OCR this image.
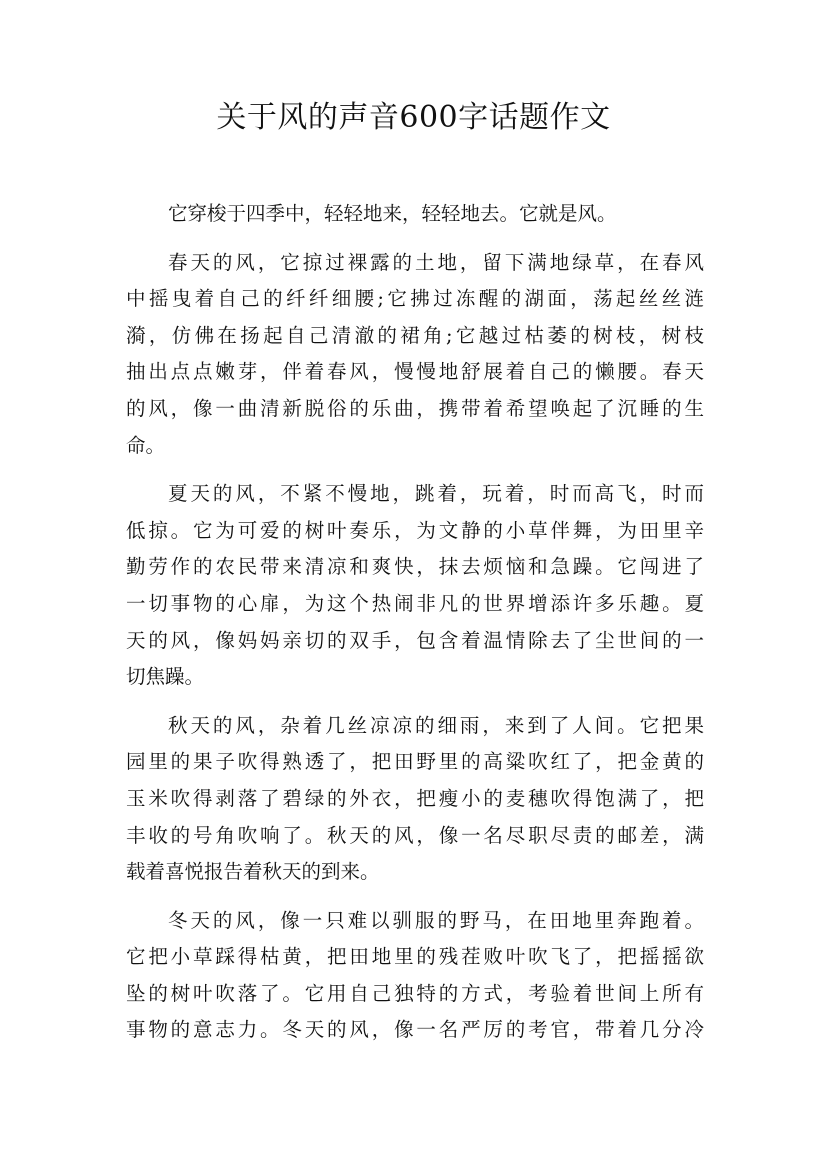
关于风的声音600字话题作文
它穿梭于四季中，轻轻地来，轻轻地去。它就是风。
春天的风，它掠过裸露的土地，留下满地绿草，在春风
中摇曳着自己的纤纤细腰;它拂过冻醒的湖面，荡起丝丝涟
漪，仿佛在扬起自己清澈的裙角;它越过枯萎的树枝，树枝
抽出点点嫩芽，伴着春风，慢慢地舒展着自己的懒腰。春天
的风，像一曲清新脱俗的乐曲，携带着希望唤起了沉睡的生
命。
夏天的风，不紧不慢地，跳着，玩着，时而高飞，时而
低掠。它为可爱的树叶奏乐，为文静的小草伴舞，为田里辛
勤劳作的农民带来清凉和爽快，抹去烦恼和急躁。它闯进了
一切事物的心扉，为这个热闹非凡的世界增添许多乐趣。夏
天的风，像妈妈亲切的双手，包含着温情除去了尘世间的一
切焦躁。
秋天的风，杂着几丝凉凉的细雨，来到了人间。它把果
园里的果子吹得熟透了，把田野里的高粱吹红了，把金黄的
玉米吹得剥落了碧绿的外衣，把瘦小的麦穗吹得饱满了，把
丰收的号角吹响了。秋天的风，像一名尽职尽责的邮差，满
载着喜悦报告着秋天的到来。
冬天的风，像一只难以驯服的野马，在田地里奔跑着。
它把小草踩得枯黄，把田地里的残茬败叶吹飞了，把摇摇欲
坠的树叶吹落了。它用自己独特的方式，考验着世间上所有
事物的意志力。冬天的风，像一名严厉的考官，带着几分冷
